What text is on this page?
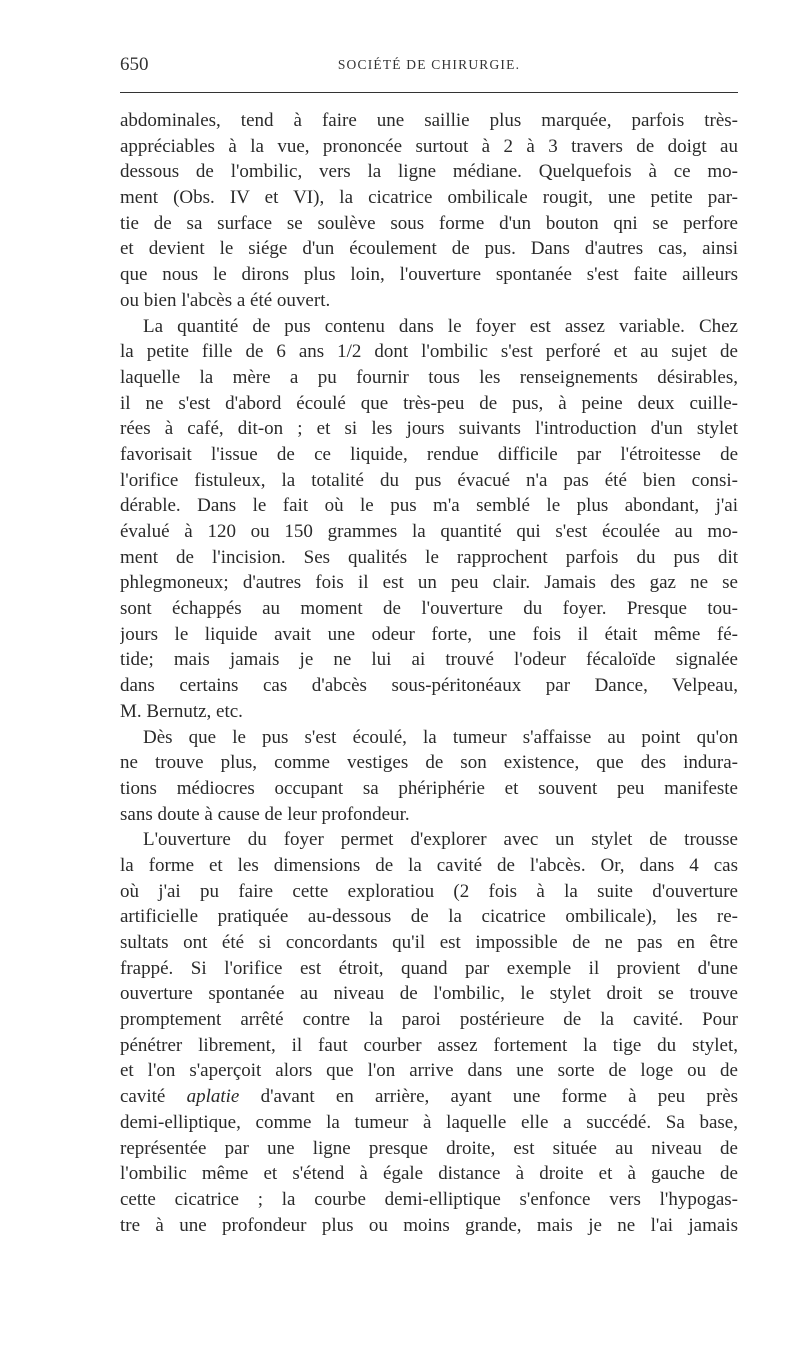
650	SOCIÉTÉ DE CHIRURGIE.
abdominales, tend à faire une saillie plus marquée, parfois très-
appréciables à la vue, prononcée surtout à 2 à 3 travers de doigt au
dessous de l'ombilic, vers la ligne médiane. Quelquefois à ce mo-
ment (Obs. IV et VI), la cicatrice ombilicale rougit, une petite par-
tie de sa surface se soulève sous forme d'un bouton qni se perfore
et devient le siége d'un écoulement de pus. Dans d'autres cas, ainsi
que nous le dirons plus loin, l'ouverture spontanée s'est faite ailleurs
ou bien l'abcès a été ouvert.
La quantité de pus contenu dans le foyer est assez variable. Chez
la petite fille de 6 ans 1/2 dont l'ombilic s'est perforé et au sujet de
laquelle la mère a pu fournir tous les renseignements désirables,
il ne s'est d'abord écoulé que très-peu de pus, à peine deux cuille-
rées à café, dit-on ; et si les jours suivants l'introduction d'un stylet
favorisait l'issue de ce liquide, rendue difficile par l'étroitesse de
l'orifice fistuleux, la totalité du pus évacué n'a pas été bien consi-
dérable. Dans le fait où le pus m'a semblé le plus abondant, j'ai
évalué à 120 ou 150 grammes la quantité qui s'est écoulée au mo-
ment de l'incision. Ses qualités le rapprochent parfois du pus dit
phlegmoneux; d'autres fois il est un peu clair. Jamais des gaz ne se
sont échappés au moment de l'ouverture du foyer. Presque tou-
jours le liquide avait une odeur forte, une fois il était même fé-
tide; mais jamais je ne lui ai trouvé l'odeur fécaloïde signalée
dans certains cas d'abcès sous-péritonéaux par Dance, Velpeau,
M. Bernutz, etc.
Dès que le pus s'est écoulé, la tumeur s'affaisse au point qu'on
ne trouve plus, comme vestiges de son existence, que des indura-
tions médiocres occupant sa phériphérie et souvent peu manifeste
sans doute à cause de leur profondeur.
L'ouverture du foyer permet d'explorer avec un stylet de trousse
la forme et les dimensions de la cavité de l'abcès. Or, dans 4 cas
où j'ai pu faire cette exploratiou (2 fois à la suite d'ouverture
artificielle pratiquée au-dessous de la cicatrice ombilicale), les re-
sultats ont été si concordants qu'il est impossible de ne pas en être
frappé. Si l'orifice est étroit, quand par exemple il provient d'une
ouverture spontanée au niveau de l'ombilic, le stylet droit se trouve
promptement arrêté contre la paroi postérieure de la cavité. Pour
pénétrer librement, il faut courber assez fortement la tige du stylet,
et l'on s'aperçoit alors que l'on arrive dans une sorte de loge ou de
cavité aplatie d'avant en arrière, ayant une forme à peu près
demi-elliptique, comme la tumeur à laquelle elle a succédé. Sa base,
représentée par une ligne presque droite, est située au niveau de
l'ombilic même et s'étend à égale distance à droite et à gauche de
cette cicatrice ; la courbe demi-elliptique s'enfonce vers l'hypogas-
tre à une profondeur plus ou moins grande, mais je ne l'ai jamais
